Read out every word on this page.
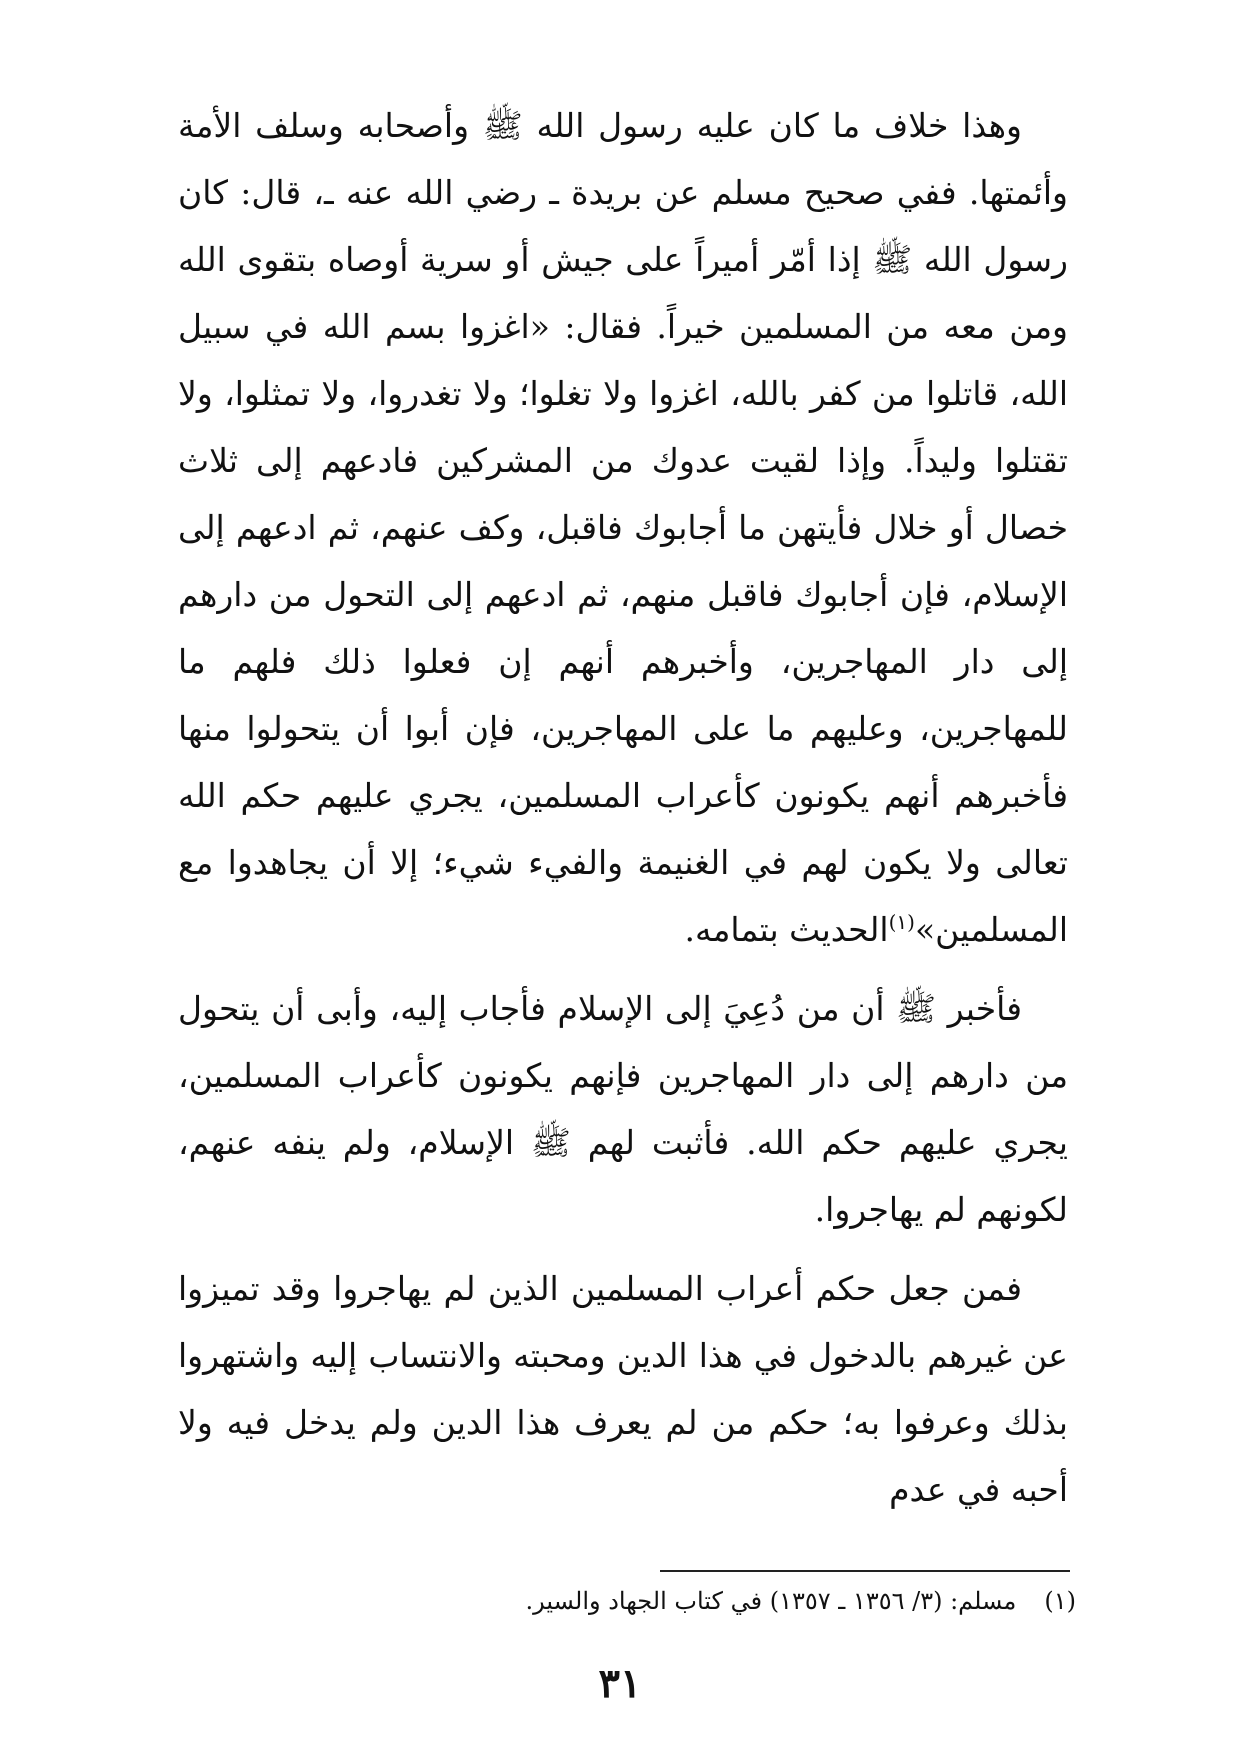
وهذا خلاف ما كان عليه رسول الله ﷺ وأصحابه وسلف الأمة وأئمتها. ففي صحيح مسلم عن بريدة ـ رضي الله عنه ـ، قال: كان رسول الله ﷺ إذا أمّر أميراً على جيش أو سرية أوصاه بتقوى الله ومن معه من المسلمين خيراً. فقال: «اغزوا بسم الله في سبيل الله، قاتلوا من كفر بالله، اغزوا ولا تغلوا؛ ولا تغدروا، ولا تمثلوا، ولا تقتلوا وليداً. وإذا لقيت عدوك من المشركين فادعهم إلى ثلاث خصال أو خلال فأيتهن ما أجابوك فاقبل، وكف عنهم، ثم ادعهم إلى الإسلام، فإن أجابوك فاقبل منهم، ثم ادعهم إلى التحول من دارهم إلى دار المهاجرين، وأخبرهم أنهم إن فعلوا ذلك فلهم ما للمهاجرين، وعليهم ما على المهاجرين، فإن أبوا أن يتحولوا منها فأخبرهم أنهم يكونون كأعراب المسلمين، يجري عليهم حكم الله تعالى ولا يكون لهم في الغنيمة والفيء شيء؛ إلا أن يجاهدوا مع المسلمين»$^{(١)}$الحديث بتمامه.

فأخبر ﷺ أن من دُعِيَ إلى الإسلام فأجاب إليه، وأبى أن يتحول من دارهم إلى دار المهاجرين فإنهم يكونون كأعراب المسلمين، يجري عليهم حكم الله. فأثبت لهم ﷺ الإسلام، ولم ينفه عنهم، لكونهم لم يهاجروا.

فمن جعل حكم أعراب المسلمين الذين لم يهاجروا وقد تميزوا عن غيرهم بالدخول في هذا الدين ومحبته والانتساب إليه واشتهروا بذلك وعرفوا به؛ حكم من لم يعرف هذا الدين ولم يدخل فيه ولا أحبه في عدم

(١)مسلم: (٣/ ١٣٥٦ ـ ١٣٥٧) في كتاب الجهاد والسير.
٣١
